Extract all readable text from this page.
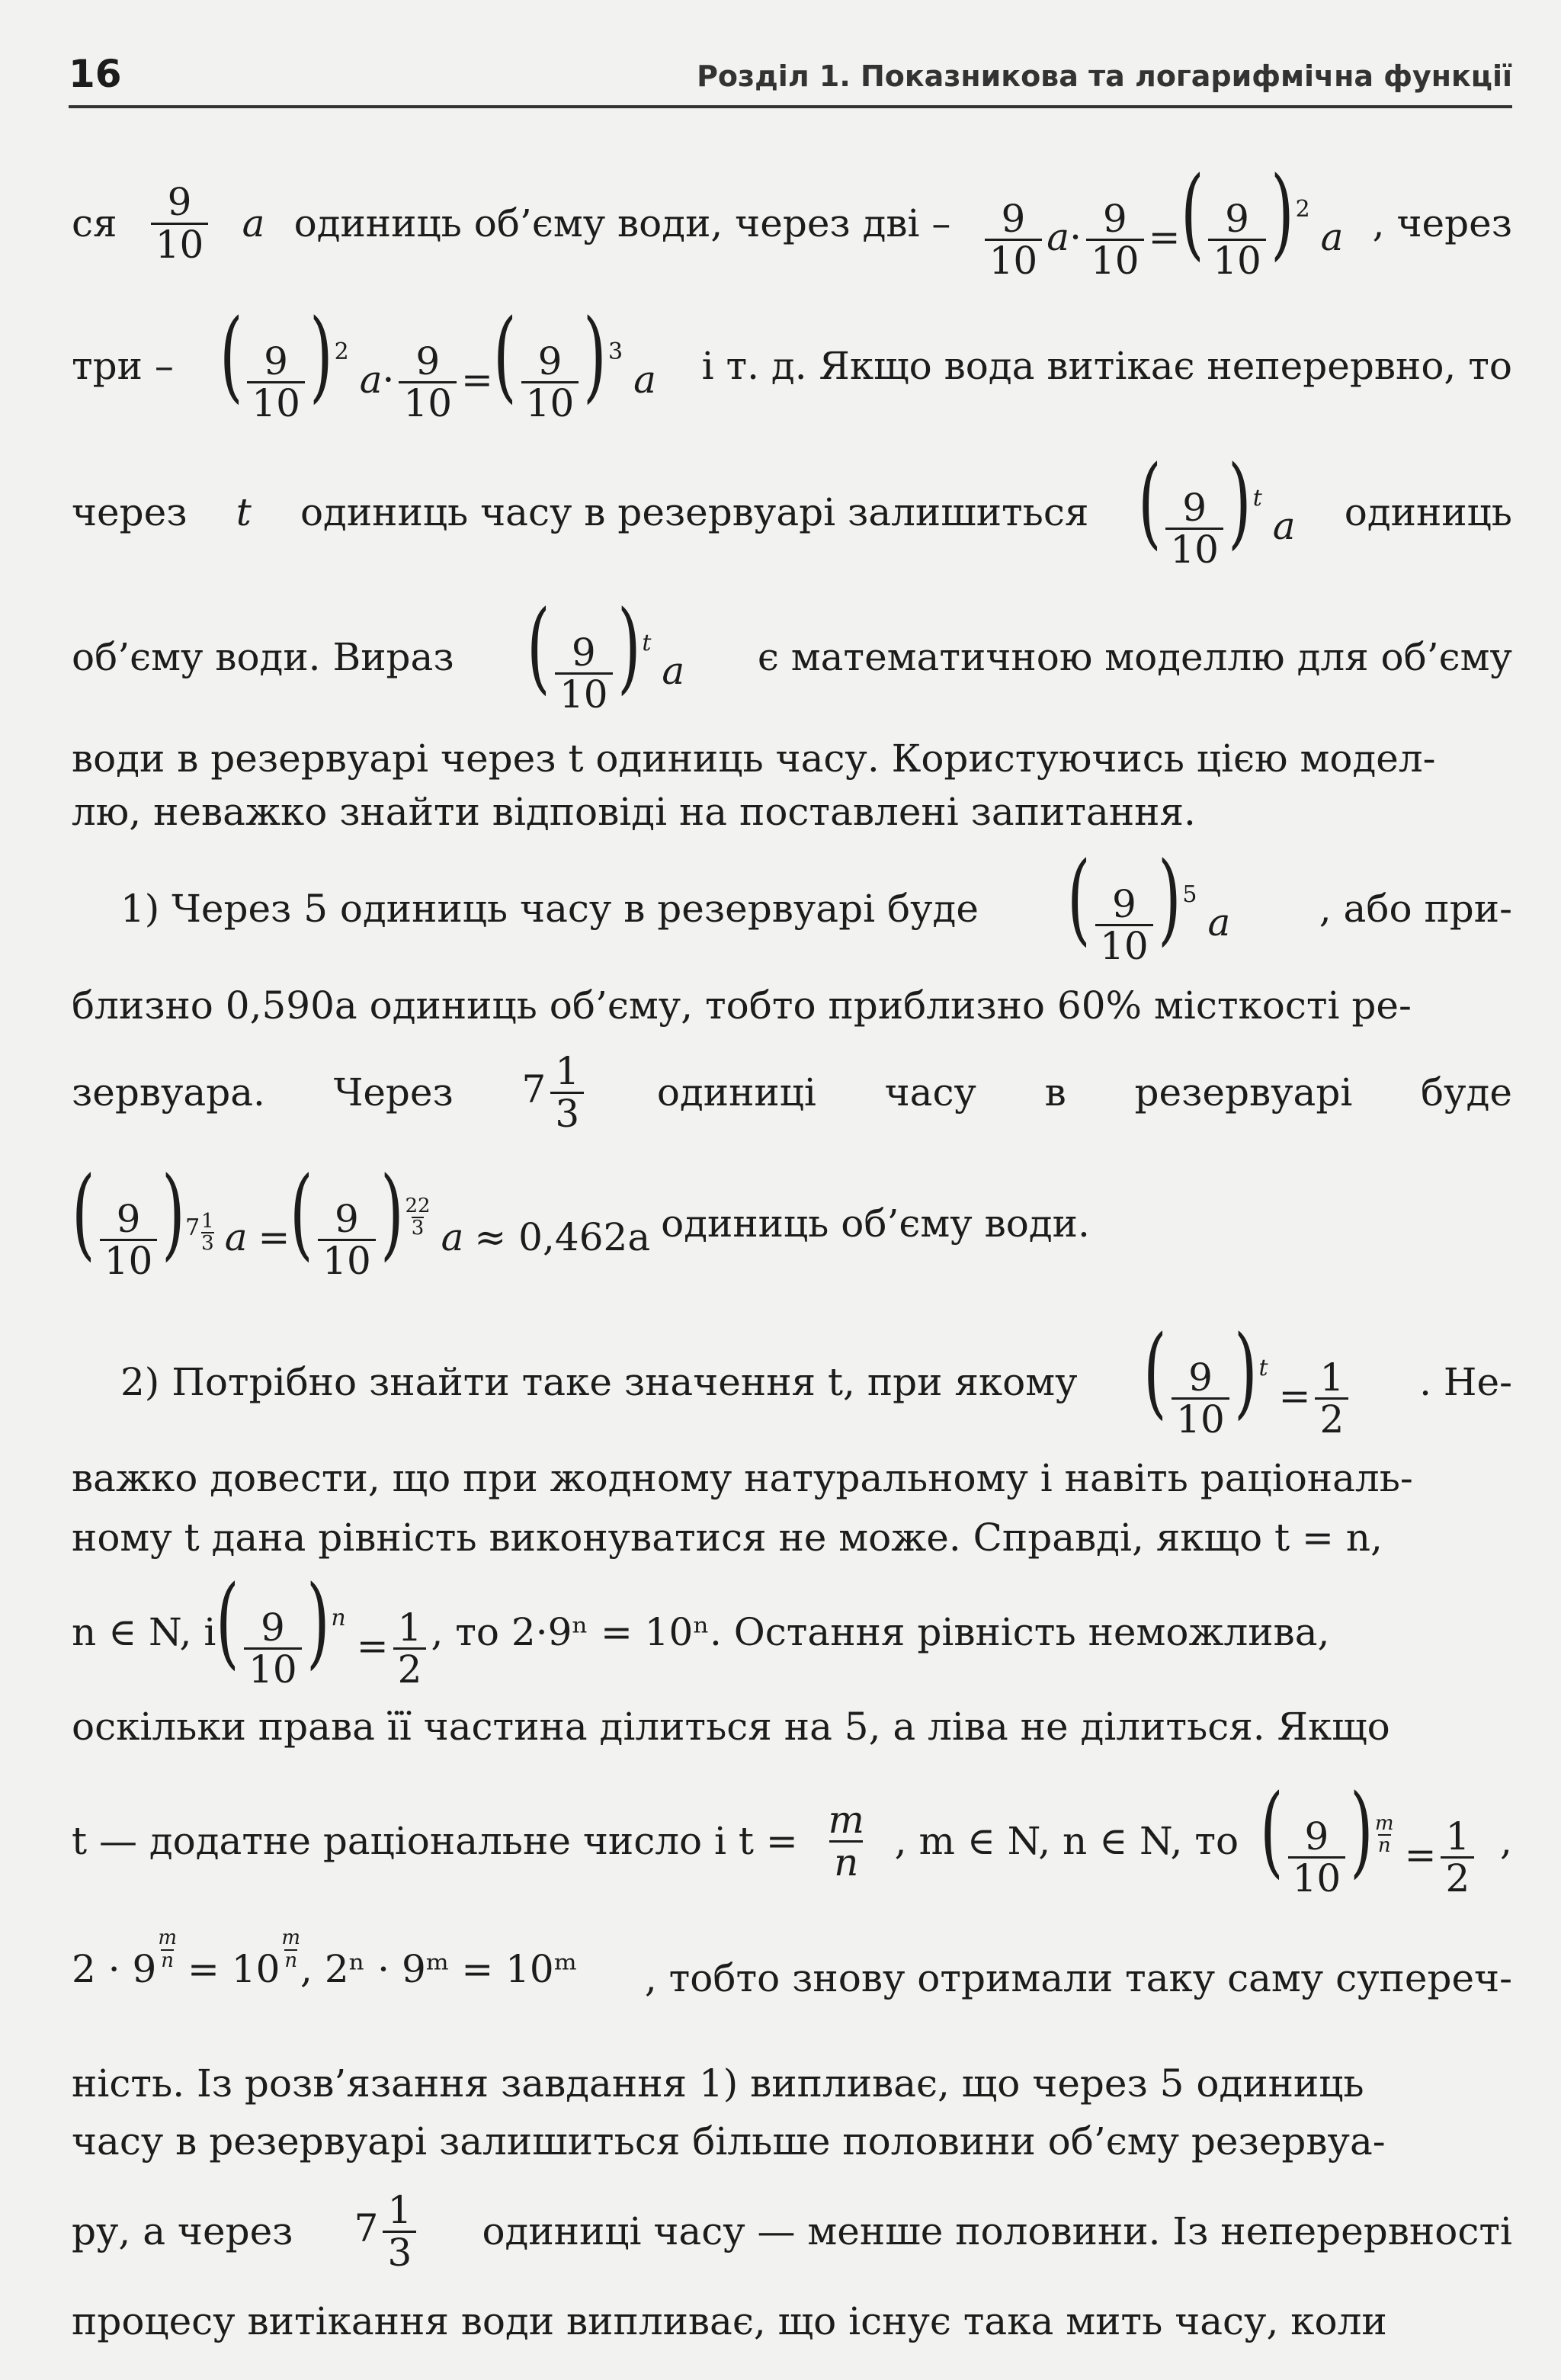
16	Розділ 1. Показникова та логарифмічна функції
ся $\frac{9}{10}$ a одиниць об’єму води, через дві – $\frac{9}{10} a\cdot \frac{9}{10}$ =( $\frac{9}{10} )^2a$ , через
три – ( $\frac{9}{10} )^2a\cdot \frac{9}{10}$ =( $\frac{9}{10} )^3a$ і т. д. Якщо вода витікає неперервно, то
через t одиниць часу в резервуарі залишиться ( $\frac{9}{10} )^ta$ одиниць
об’єму води. Вираз ( $\frac{9}{10} )^ta$ є математичною моделлю для об’єму
води в резервуарі через t одиниць часу. Користуючись цією модел-
лю, неважко знайти відповіді на поставлені запитання.
1) Через 5 одиниць часу в резервуарі буде ( $\frac{9}{10} )^5a$ , або при-
близно 0,590a одиниць об’єму, тобто приблизно 60% місткості ре-
зервуара. Через $7 \frac{1}{3}$ одиниці часу в резервуарі буде
( $\frac{9}{10} )^{7 \frac{1}{3}}$ a =( $\frac{9}{10}$ ) $\frac{22}{3}$ a ≈ 0,462a одиниць об’єму води.
2) Потрібно знайти таке значення t, при якому ( $\frac{9}{10} )^t= \frac{1}{2}$ . Не-
важко довести, що при жодному натуральному і навіть раціональ-
ному t дана рівність виконуватися не може. Справді, якщо t = n,
n ∈ N, і ( $\frac{9}{10} )^n= \frac{1}{2}$ , то 2·9ⁿ = 10ⁿ. Остання рівність неможлива,
оскільки права її частина ділиться на 5, а ліва не ділиться. Якщо
t — додатне раціональне число і $t = \frac{m}{n}$ , m ∈ N, n ∈ N, то ( $\frac{9}{10}$ ) $\frac{m}{n} = \frac{1}{2}$ ,
$2 \cdot 9 \frac{m}{n} = 10 \frac{m}{n}$ , 2ⁿ · 9ᵐ = 10ᵐ , тобто знову отримали таку саму супереч-
ність. Із розв’язання завдання 1) випливає, що через 5 одиниць
часу в резервуарі залишиться більше половини об’єму резервуа-
ру, а через $7 \frac{1}{3}$ одиниці часу — менше половини. Із неперервності
процесу витікання води випливає, що існує така мить часу, коли
